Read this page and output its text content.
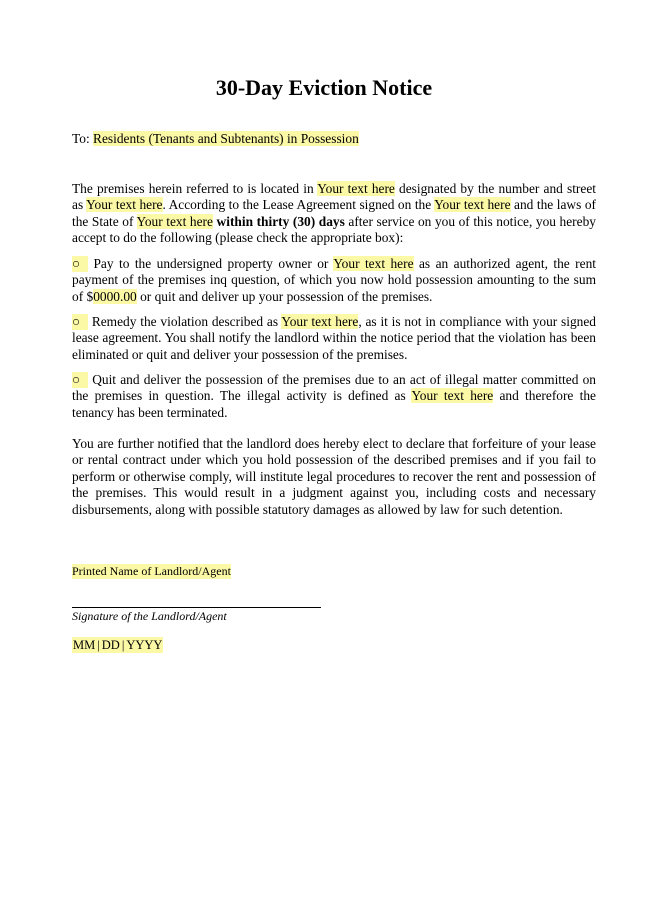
30-Day Eviction Notice
To: Residents (Tenants and Subtenants) in Possession
The premises herein referred to is located in Your text here designated by the number and street as Your text here. According to the Lease Agreement signed on the Your text here and the laws of the State of Your text here within thirty (30) days after service on you of this notice, you hereby accept to do the following (please check the appropriate box):
○ Pay to the undersigned property owner or Your text here as an authorized agent, the rent payment of the premises inq question, of which you now hold possession amounting to the sum of $0000.00 or quit and deliver up your possession of the premises.
○ Remedy the violation described as Your text here, as it is not in compliance with your signed lease agreement. You shall notify the landlord within the notice period that the violation has been eliminated or quit and deliver your possession of the premises.
○ Quit and deliver the possession of the premises due to an act of illegal matter committed on the premises in question. The illegal activity is defined as Your text here and therefore the tenancy has been terminated.
You are further notified that the landlord does hereby elect to declare that forfeiture of your lease or rental contract under which you hold possession of the described premises and if you fail to perform or otherwise comply, will institute legal procedures to recover the rent and possession of the premises. This would result in a judgment against you, including costs and necessary disbursements, along with possible statutory damages as allowed by law for such detention.
Printed Name of Landlord/Agent
Signature of the Landlord/Agent
MM | DD | YYYY
